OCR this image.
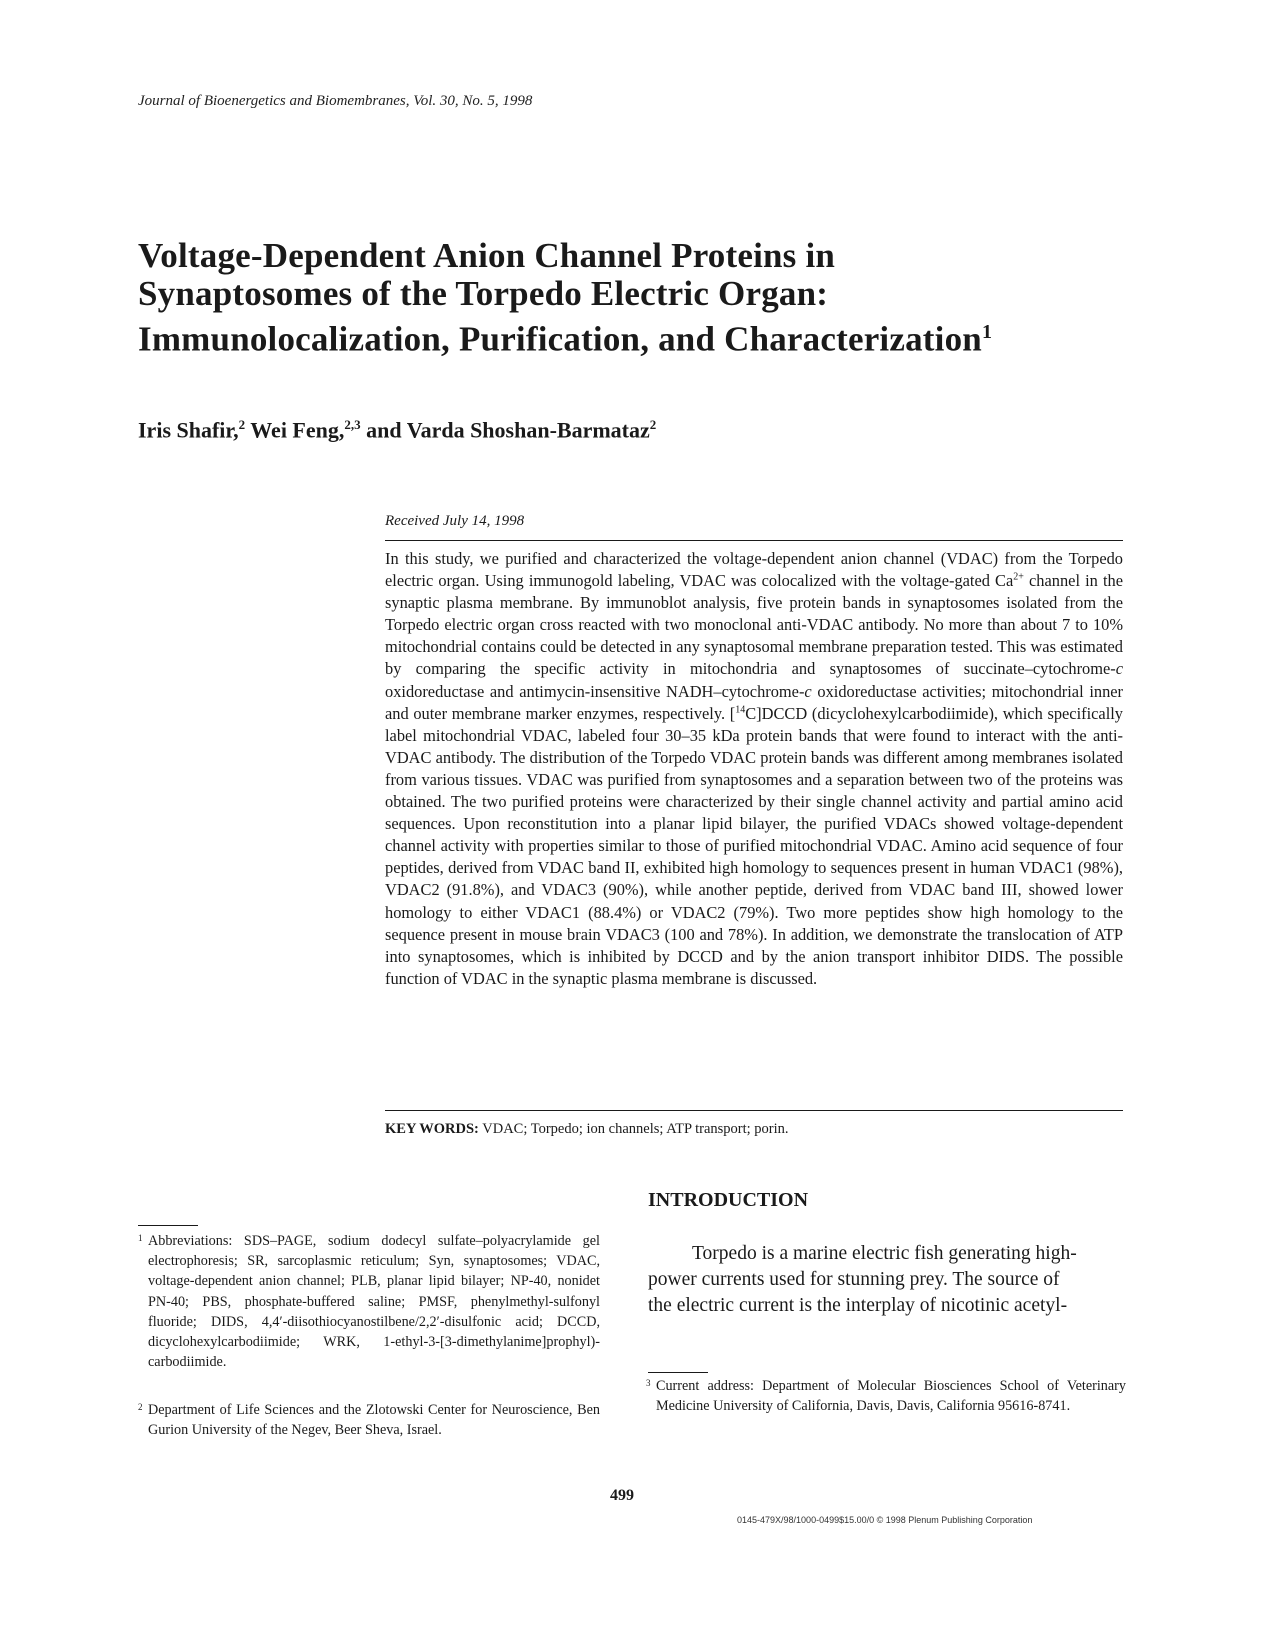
Journal of Bioenergetics and Biomembranes, Vol. 30, No. 5, 1998
Voltage-Dependent Anion Channel Proteins in
Synaptosomes of the Torpedo Electric Organ:
Immunolocalization, Purification, and Characterization$^1$
Iris Shafir,$^2$ Wei Feng,$^{2,3}$ and Varda Shoshan-Barmataz$^2$
Received July 14, 1998
In this study, we purified and characterized the voltage-dependent anion channel (VDAC) from the Torpedo electric organ. Using immunogold labeling, VDAC was colocalized with the voltage-gated $Ca^{2+}$ channel in the synaptic plasma membrane. By immunoblot analysis, five protein bands in synaptosomes isolated from the Torpedo electric organ cross reacted with two monoclonal anti-VDAC antibody. No more than about 7 to 10% mitochondrial contains could be detected in any synaptosomal membrane preparation tested. This was estimated by comparing the specific activity in mitochondria and synaptosomes of succinate–cytochrome-c oxidoreductase and antimycin-insensitive NADH–cytochrome-c oxidoreductase activities; mitochondrial inner and outer membrane marker enzymes, respectively. [$^{14}$C]DCCD (dicyclohexylcarbodiimide), which specifically label mitochondrial VDAC, labeled four 30–35 kDa protein bands that were found to interact with the anti-VDAC antibody. The distribution of the Torpedo VDAC protein bands was different among membranes isolated from various tissues. VDAC was purified from synaptosomes and a separation between two of the proteins was obtained. The two purified proteins were characterized by their single channel activity and partial amino acid sequences. Upon reconstitution into a planar lipid bilayer, the purified VDACs showed voltage-dependent channel activity with properties similar to those of purified mitochondrial VDAC. Amino acid sequence of four peptides, derived from VDAC band II, exhibited high homology to sequences present in human VDAC1 (98%), VDAC2 (91.8%), and VDAC3 (90%), while another peptide, derived from VDAC band III, showed lower homology to either VDAC1 (88.4%) or VDAC2 (79%). Two more peptides show high homology to the sequence present in mouse brain VDAC3 (100 and 78%). In addition, we demonstrate the translocation of ATP into synaptosomes, which is inhibited by DCCD and by the anion transport inhibitor DIDS. The possible function of VDAC in the synaptic plasma membrane is discussed.
KEY WORDS: VDAC; Torpedo; ion channels; ATP transport; porin.
INTRODUCTION
Torpedo is a marine electric fish generating high-
power currents used for stunning prey. The source of
the electric current is the interplay of nicotinic acetyl-
1 Abbreviations: SDS–PAGE, sodium dodecyl sulfate–polyacrylamide gel electrophoresis; SR, sarcoplasmic reticulum; Syn, synaptosomes; VDAC, voltage-dependent anion channel; PLB, planar lipid bilayer; NP-40, nonidet PN-40; PBS, phosphate-buffered saline; PMSF, phenylmethyl-sulfonyl fluoride; DIDS, 4,4′-diisothiocyanostilbene/2,2′-disulfonic acid; DCCD, dicyclohexylcarbodiimide; WRK, 1-ethyl-3-[3-dimethylanime]prophyl)-carbodiimide.
2 Department of Life Sciences and the Zlotowski Center for Neuroscience, Ben Gurion University of the Negev, Beer Sheva, Israel.
3 Current address: Department of Molecular Biosciences School of Veterinary Medicine University of California, Davis, Davis, California 95616-8741.
499
0145-479X/98/1000-0499$15.00/0 © 1998 Plenum Publishing Corporation
